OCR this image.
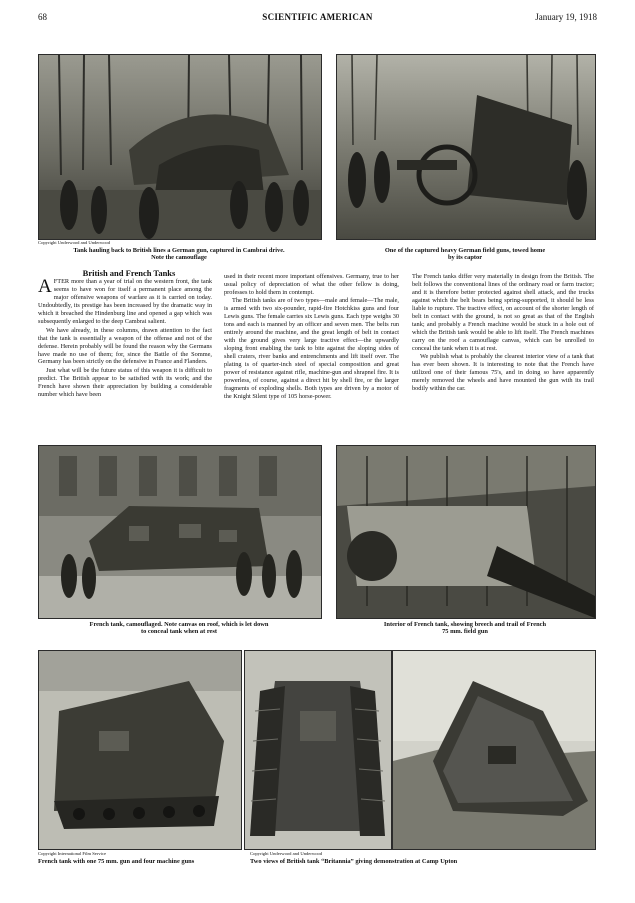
68	SCIENTIFIC AMERICAN	January 19, 1918
Copyright Underwood and Underwood
Tank hauling back to British lines a German gun, captured in Cambrai drive.
Note the camouflage
One of the captured heavy German field guns, towed home
by its captor

British and French Tanks

AFTER more than a year of trial on the western front, the tank seems to have won for itself a permanent place among the major offensive weapons of warfare as it is carried on today. Undoubtedly, its prestige has been increased by the dramatic way in which it breached the Hindenburg line and opened a gap which was subsequently enlarged to the deep Cambrai salient.

We have already, in these columns, drawn attention to the fact that the tank is essentially a weapon of the offense and not of the defense. Herein probably will be found the reason why the Germans have made no use of them; for, since the Battle of the Somme, Germany has been strictly on the defensive in France and Flanders.

Just what will be the future status of this weapon it is difficult to predict. The British appear to be satisfied with its work; and the French have shown their appreciation by building a considerable number which have been

used in their recent more important offensives. Germany, true to her usual policy of depreciation of what the other fellow is doing, professes to hold them in contempt.

The British tanks are of two types—male and female—The male, is armed with two six-pounder, rapid-fire Hotchkiss guns and four Lewis guns. The female carries six Lewis guns. Each type weighs 30 tons and each is manned by an officer and seven men. The belts run entirely around the machine, and the great length of belt in contact with the ground gives very large tractive effect—the upwardly sloping front enabling the tank to bite against the sloping sides of shell craters, river banks and entrenchments and lift itself over. The plating is of quarter-inch steel of special composition and great power of resistance against rifle, machine-gun and shrapnel fire. It is powerless, of course, against a direct hit by shell fire, or the larger fragments of exploding shells. Both types are driven by a motor of the Knight Silent type of 105 horse-power.

The French tanks differ very materially in design from the British. The belt follows the conventional lines of the ordinary road or farm tractor; and it is therefore better protected against shell attack, and the trucks against which the belt bears being spring-supported, it should be less liable to rupture. The tractive effect, on account of the shorter length of belt in contact with the ground, is not so great as that of the English tank; and probably a French machine would be stuck in a hole out of which the British tank would be able to lift itself. The French machines carry on the roof a camouflage canvas, which can be unrolled to conceal the tank when it is at rest.

We publish what is probably the clearest interior view of a tank that has ever been shown. It is interesting to note that the French have utilized one of their famous 75's, and in doing so have apparently merely removed the wheels and have mounted the gun with its trail bodily within the car.

French tank, camouflaged. Note canvas on roof, which is let down
to conceal tank when at rest
Interior of French tank, showing breech and trail of French
75 mm. field gun
Copyright International Film Service	Copyright Underwood and Underwood
French tank with one 75 mm. gun and four machine guns	Two views of British tank “Britannia” giving demonstration at Camp Upton
